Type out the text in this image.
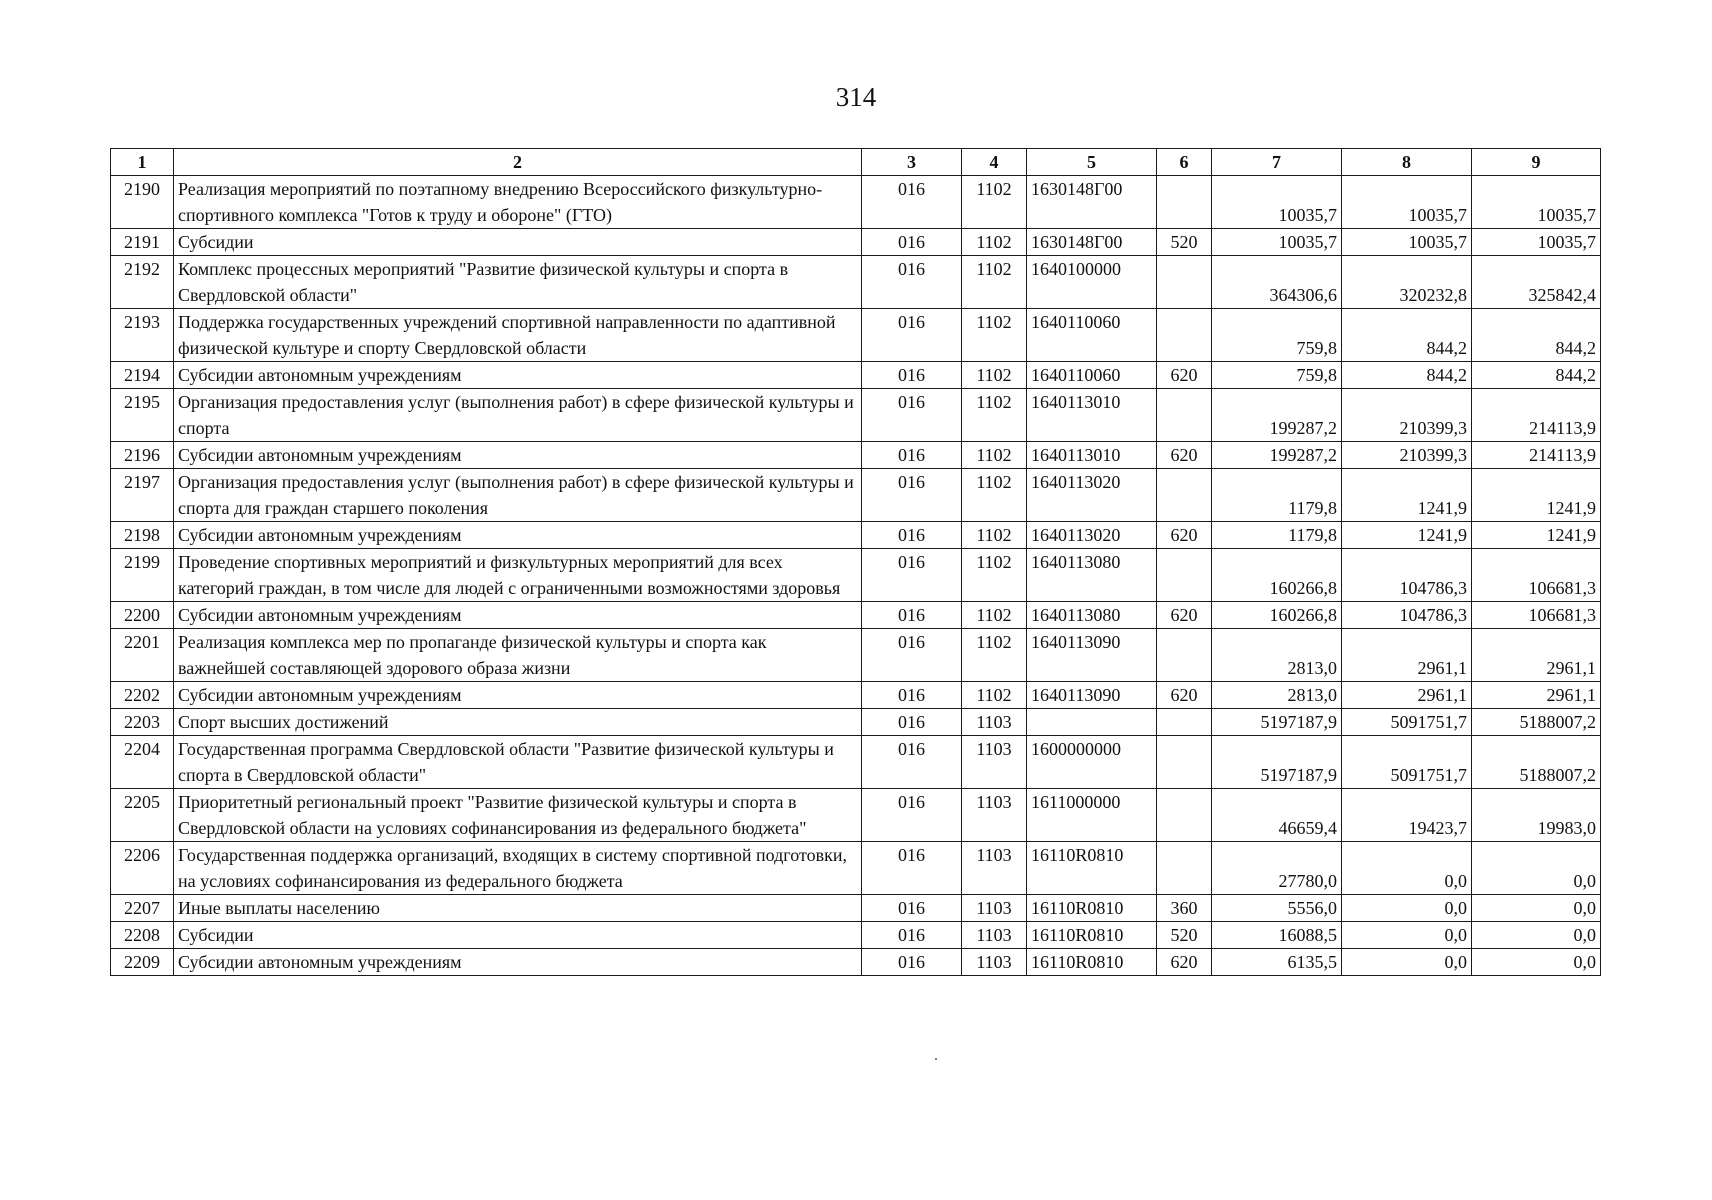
314
1	2	3	4	5	6	7	8	9
2190	Реализация мероприятий по поэтапному внедрению Всероссийского физкультурно-спортивного комплекса "Готов к труду и обороне" (ГТО)	016	1102	1630148Г00		10035,7	10035,7	10035,7
2191	Субсидии	016	1102	1630148Г00	520	10035,7	10035,7	10035,7
2192	Комплекс процессных мероприятий "Развитие физической культуры и спорта в Свердловской области"	016	1102	1640100000		364306,6	320232,8	325842,4
2193	Поддержка государственных учреждений спортивной направленности по адаптивной физической культуре и спорту Свердловской области	016	1102	1640110060		759,8	844,2	844,2
2194	Субсидии автономным учреждениям	016	1102	1640110060	620	759,8	844,2	844,2
2195	Организация предоставления услуг (выполнения работ) в сфере физической культуры и спорта	016	1102	1640113010		199287,2	210399,3	214113,9
2196	Субсидии автономным учреждениям	016	1102	1640113010	620	199287,2	210399,3	214113,9
2197	Организация предоставления услуг (выполнения работ) в сфере физической культуры и спорта для граждан старшего поколения	016	1102	1640113020		1179,8	1241,9	1241,9
2198	Субсидии автономным учреждениям	016	1102	1640113020	620	1179,8	1241,9	1241,9
2199	Проведение спортивных мероприятий и физкультурных мероприятий для всех категорий граждан, в том числе для людей с ограниченными возможностями здоровья	016	1102	1640113080		160266,8	104786,3	106681,3
2200	Субсидии автономным учреждениям	016	1102	1640113080	620	160266,8	104786,3	106681,3
2201	Реализация комплекса мер по пропаганде физической культуры и спорта как важнейшей составляющей здорового образа жизни	016	1102	1640113090		2813,0	2961,1	2961,1
2202	Субсидии автономным учреждениям	016	1102	1640113090	620	2813,0	2961,1	2961,1
2203	Спорт высших достижений	016	1103			5197187,9	5091751,7	5188007,2
2204	Государственная программа Свердловской области "Развитие физической культуры и спорта в Свердловской области"	016	1103	1600000000		5197187,9	5091751,7	5188007,2
2205	Приоритетный региональный проект "Развитие физической культуры и спорта в Свердловской области на условиях софинансирования из федерального бюджета"	016	1103	1611000000		46659,4	19423,7	19983,0
2206	Государственная поддержка организаций, входящих в систему спортивной подготовки, на условиях софинансирования из федерального бюджета	016	1103	16110R0810		27780,0	0,0	0,0
2207	Иные выплаты населению	016	1103	16110R0810	360	5556,0	0,0	0,0
2208	Субсидии	016	1103	16110R0810	520	16088,5	0,0	0,0
2209	Субсидии автономным учреждениям	016	1103	16110R0810	620	6135,5	0,0	0,0
